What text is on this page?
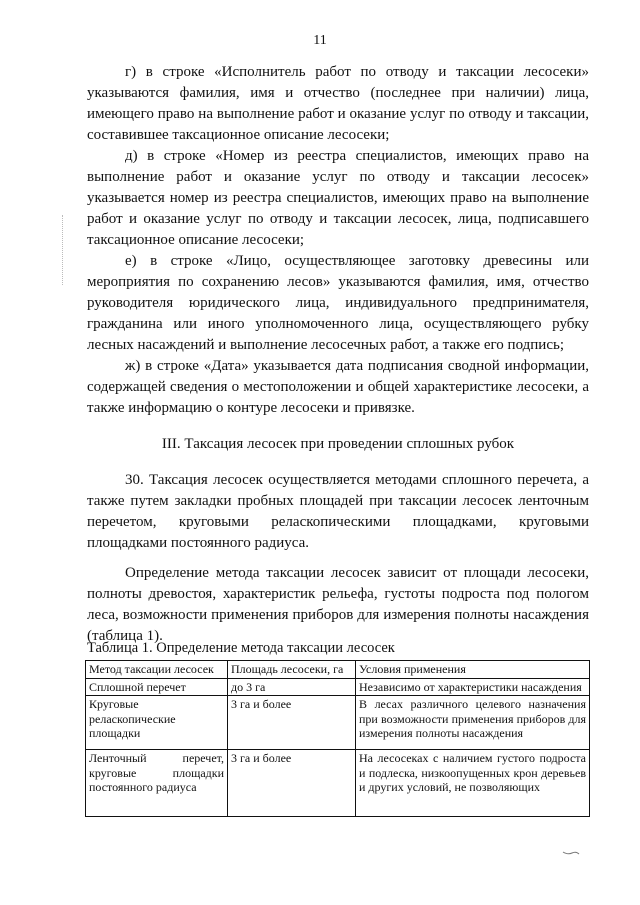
11

г) в строке «Исполнитель работ по отводу и таксации лесосеки» указываются фамилия, имя и отчество (последнее при наличии) лица, имеющего право на выполнение работ и оказание услуг по отводу и таксации, составившее таксационное описание лесосеки;

д) в строке «Номер из реестра специалистов, имеющих право на выполнение работ и оказание услуг по отводу и таксации лесосек» указывается номер из реестра специалистов, имеющих право на выполнение работ и оказание услуг по отводу и таксации лесосек, лица, подписавшего таксационное описание лесосеки;

е) в строке «Лицо, осуществляющее заготовку древесины или мероприятия по сохранению лесов» указываются фамилия, имя, отчество руководителя юридического лица, индивидуального предпринимателя, гражданина или иного уполномоченного лица, осуществляющего рубку лесных насаждений и выполнение лесосечных работ, а также его подпись;

ж) в строке «Дата» указывается дата подписания сводной информации, содержащей сведения о местоположении и общей характеристике лесосеки, а также информацию о контуре лесосеки и привязке.

III. Таксация лесосек при проведении сплошных рубок

30. Таксация лесосек осуществляется методами сплошного перечета, а также путем закладки пробных площадей при таксации лесосек ленточным перечетом, круговыми реласкопическими площадками, круговыми площадками постоянного радиуса.

Определение метода таксации лесосек зависит от площади лесосеки, полноты древостоя, характеристик рельефа, густоты подроста под пологом леса, возможности применения приборов для измерения полноты насаждения (таблица 1).

Таблица 1. Определение метода таксации лесосек
Метод таксации лесосек	Площадь лесосеки, га	Условия применения
Сплошной перечет	до 3 га	Независимо от характеристики насаждения
Круговые реласкопические площадки	3 га и более	В лесах различного целевого назначения при возможности применения приборов для измерения полноты насаждения
Ленточный перечет, круговые площадки постоянного радиуса	3 га и более	На лесосеках с наличием густого подроста и подлеска, низкоопущенных крон деревьев и других условий, не позволяющих
